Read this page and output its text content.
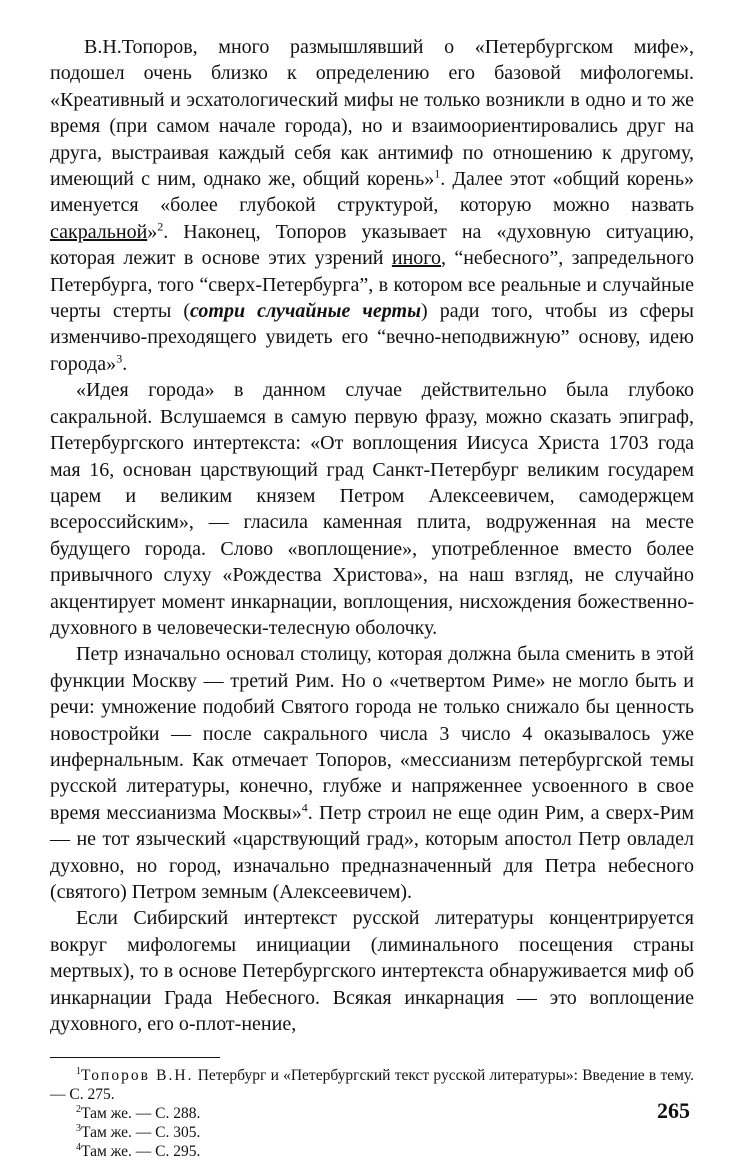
В.Н.Топоров, много размышлявший о «Петербургском мифе», подошел очень близко к определению его базовой мифологемы. «Креативный и эсхатологический мифы не только возникли в одно и то же время (при самом начале города), но и взаимоориентировались друг на друга, выстраивая каждый себя как антимиф по отношению к другому, имеющий с ним, однако же, общий корень»$^1$. Далее этот «общий корень» именуется «более глубокой структурой, которую можно назвать сакральной»$^2$. Наконец, Топоров указывает на «духовную ситуацию, которая лежит в основе этих узрений иного, “небесного”, запредельного Петербурга, того “сверх-Петербурга”, в котором все реальные и случайные черты стерты (сотри случайные черты) ради того, чтобы из сферы изменчиво-преходящего увидеть его “вечно-неподвижную” основу, идею города»$^3$.

«Идея города» в данном случае действительно была глубоко сакральной. Вслушаемся в самую первую фразу, можно сказать эпиграф, Петербургского интертекста: «От воплощения Иисуса Христа 1703 года мая 16, основан царствующий град Санкт-Петербург великим государем царем и великим князем Петром Алексеевичем, самодержцем всероссийским», — гласила каменная плита, водруженная на месте будущего города. Слово «воплощение», употребленное вместо более привычного слуху «Рождества Христова», на наш взгляд, не случайно акцентирует момент инкарнации, воплощения, нисхождения божественно-духовного в человечески-телесную оболочку.

Петр изначально основал столицу, которая должна была сменить в этой функции Москву — третий Рим. Но о «четвертом Риме» не могло быть и речи: умножение подобий Святого города не только снижало бы ценность новостройки — после сакрального числа 3 число 4 оказывалось уже инфернальным. Как отмечает Топоров, «мессианизм петербургской темы русской литературы, конечно, глубже и напряженнее усвоенного в свое время мессианизма Москвы»$^4$. Петр строил не еще один Рим, а сверх-Рим — не тот языческий «царствующий град», которым апостол Петр овладел духовно, но город, изначально предназначенный для Петра небесного (святого) Петром земным (Алексеевичем).

Если Сибирский интертекст русской литературы концентрируется вокруг мифологемы инициации (лиминального посещения страны мертвых), то в основе Петербургского интертекста обнаруживается миф об инкарнации Града Небесного. Всякая инкарнация — это воплощение духовного, его о-плот-нение,

$^1$Топоров В.Н. Петербург и «Петербургский текст русской литературы»: Введение в тему. — С. 275.

$^2$Там же. — С. 288.

$^3$Там же. — С. 305.

$^4$Там же. — С. 295.

265
